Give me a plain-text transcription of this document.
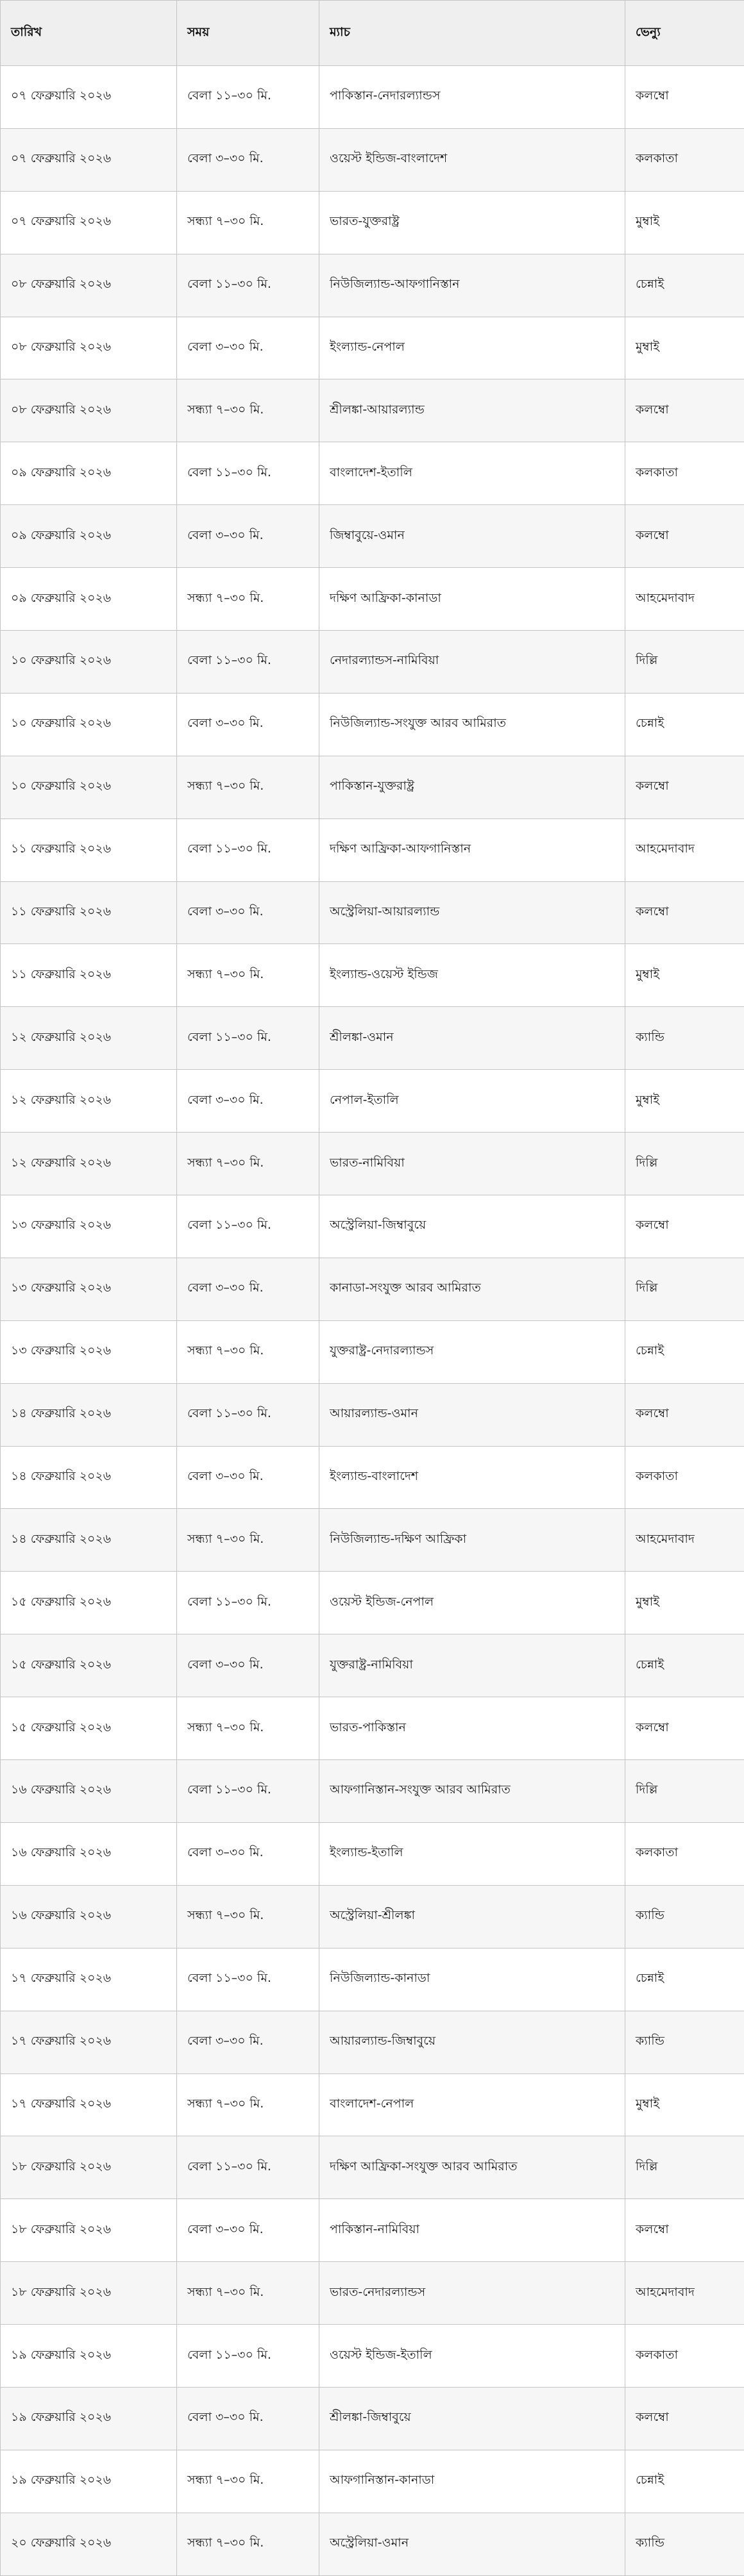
তারিখ	সময়	ম্যাচ	ভেন্যু
০৭ ফেব্রুয়ারি ২০২৬	বেলা ১১–৩০ মি.	পাকিস্তান-নেদারল্যান্ডস	কলম্বো
০৭ ফেব্রুয়ারি ২০২৬	বেলা ৩–৩০ মি.	ওয়েস্ট ইন্ডিজ-বাংলাদেশ	কলকাতা
০৭ ফেব্রুয়ারি ২০২৬	সন্ধ্যা ৭–৩০ মি.	ভারত-যুক্তরাষ্ট্র	মুম্বাই
০৮ ফেব্রুয়ারি ২০২৬	বেলা ১১–৩০ মি.	নিউজিল্যান্ড-আফগানিস্তান	চেন্নাই
০৮ ফেব্রুয়ারি ২০২৬	বেলা ৩–৩০ মি.	ইংল্যান্ড-নেপাল	মুম্বাই
০৮ ফেব্রুয়ারি ২০২৬	সন্ধ্যা ৭–৩০ মি.	শ্রীলঙ্কা-আয়ারল্যান্ড	কলম্বো
০৯ ফেব্রুয়ারি ২০২৬	বেলা ১১–৩০ মি.	বাংলাদেশ-ইতালি	কলকাতা
০৯ ফেব্রুয়ারি ২০২৬	বেলা ৩–৩০ মি.	জিম্বাবুয়ে-ওমান	কলম্বো
০৯ ফেব্রুয়ারি ২০২৬	সন্ধ্যা ৭–৩০ মি.	দক্ষিণ আফ্রিকা-কানাডা	আহমেদাবাদ
১০ ফেব্রুয়ারি ২০২৬	বেলা ১১–৩০ মি.	নেদারল্যান্ডস-নামিবিয়া	দিল্লি
১০ ফেব্রুয়ারি ২০২৬	বেলা ৩–৩০ মি.	নিউজিল্যান্ড-সংযুক্ত আরব আমিরাত	চেন্নাই
১০ ফেব্রুয়ারি ২০২৬	সন্ধ্যা ৭–৩০ মি.	পাকিস্তান-যুক্তরাষ্ট্র	কলম্বো
১১ ফেব্রুয়ারি ২০২৬	বেলা ১১–৩০ মি.	দক্ষিণ আফ্রিকা-আফগানিস্তান	আহমেদাবাদ
১১ ফেব্রুয়ারি ২০২৬	বেলা ৩–৩০ মি.	অস্ট্রেলিয়া-আয়ারল্যান্ড	কলম্বো
১১ ফেব্রুয়ারি ২০২৬	সন্ধ্যা ৭–৩০ মি.	ইংল্যান্ড-ওয়েস্ট ইন্ডিজ	মুম্বাই
১২ ফেব্রুয়ারি ২০২৬	বেলা ১১–৩০ মি.	শ্রীলঙ্কা-ওমান	ক্যান্ডি
১২ ফেব্রুয়ারি ২০২৬	বেলা ৩–৩০ মি.	নেপাল-ইতালি	মুম্বাই
১২ ফেব্রুয়ারি ২০২৬	সন্ধ্যা ৭–৩০ মি.	ভারত-নামিবিয়া	দিল্লি
১৩ ফেব্রুয়ারি ২০২৬	বেলা ১১–৩০ মি.	অস্ট্রেলিয়া-জিম্বাবুয়ে	কলম্বো
১৩ ফেব্রুয়ারি ২০২৬	বেলা ৩–৩০ মি.	কানাডা-সংযুক্ত আরব আমিরাত	দিল্লি
১৩ ফেব্রুয়ারি ২০২৬	সন্ধ্যা ৭–৩০ মি.	যুক্তরাষ্ট্র-নেদারল্যান্ডস	চেন্নাই
১৪ ফেব্রুয়ারি ২০২৬	বেলা ১১–৩০ মি.	আয়ারল্যান্ড-ওমান	কলম্বো
১৪ ফেব্রুয়ারি ২০২৬	বেলা ৩–৩০ মি.	ইংল্যান্ড-বাংলাদেশ	কলকাতা
১৪ ফেব্রুয়ারি ২০২৬	সন্ধ্যা ৭–৩০ মি.	নিউজিল্যান্ড-দক্ষিণ আফ্রিকা	আহমেদাবাদ
১৫ ফেব্রুয়ারি ২০২৬	বেলা ১১–৩০ মি.	ওয়েস্ট ইন্ডিজ-নেপাল	মুম্বাই
১৫ ফেব্রুয়ারি ২০২৬	বেলা ৩–৩০ মি.	যুক্তরাষ্ট্র-নামিবিয়া	চেন্নাই
১৫ ফেব্রুয়ারি ২০২৬	সন্ধ্যা ৭–৩০ মি.	ভারত-পাকিস্তান	কলম্বো
১৬ ফেব্রুয়ারি ২০২৬	বেলা ১১–৩০ মি.	আফগানিস্তান-সংযুক্ত আরব আমিরাত	দিল্লি
১৬ ফেব্রুয়ারি ২০২৬	বেলা ৩–৩০ মি.	ইংল্যান্ড-ইতালি	কলকাতা
১৬ ফেব্রুয়ারি ২০২৬	সন্ধ্যা ৭–৩০ মি.	অস্ট্রেলিয়া-শ্রীলঙ্কা	ক্যান্ডি
১৭ ফেব্রুয়ারি ২০২৬	বেলা ১১–৩০ মি.	নিউজিল্যান্ড-কানাডা	চেন্নাই
১৭ ফেব্রুয়ারি ২০২৬	বেলা ৩–৩০ মি.	আয়ারল্যান্ড-জিম্বাবুয়ে	ক্যান্ডি
১৭ ফেব্রুয়ারি ২০২৬	সন্ধ্যা ৭–৩০ মি.	বাংলাদেশ-নেপাল	মুম্বাই
১৮ ফেব্রুয়ারি ২০২৬	বেলা ১১–৩০ মি.	দক্ষিণ আফ্রিকা-সংযুক্ত আরব আমিরাত	দিল্লি
১৮ ফেব্রুয়ারি ২০২৬	বেলা ৩–৩০ মি.	পাকিস্তান-নামিবিয়া	কলম্বো
১৮ ফেব্রুয়ারি ২০২৬	সন্ধ্যা ৭–৩০ মি.	ভারত-নেদারল্যান্ডস	আহমেদাবাদ
১৯ ফেব্রুয়ারি ২০২৬	বেলা ১১–৩০ মি.	ওয়েস্ট ইন্ডিজ-ইতালি	কলকাতা
১৯ ফেব্রুয়ারি ২০২৬	বেলা ৩–৩০ মি.	শ্রীলঙ্কা-জিম্বাবুয়ে	কলম্বো
১৯ ফেব্রুয়ারি ২০২৬	সন্ধ্যা ৭–৩০ মি.	আফগানিস্তান-কানাডা	চেন্নাই
২০ ফেব্রুয়ারি ২০২৬	সন্ধ্যা ৭–৩০ মি.	অস্ট্রেলিয়া-ওমান	ক্যান্ডি
